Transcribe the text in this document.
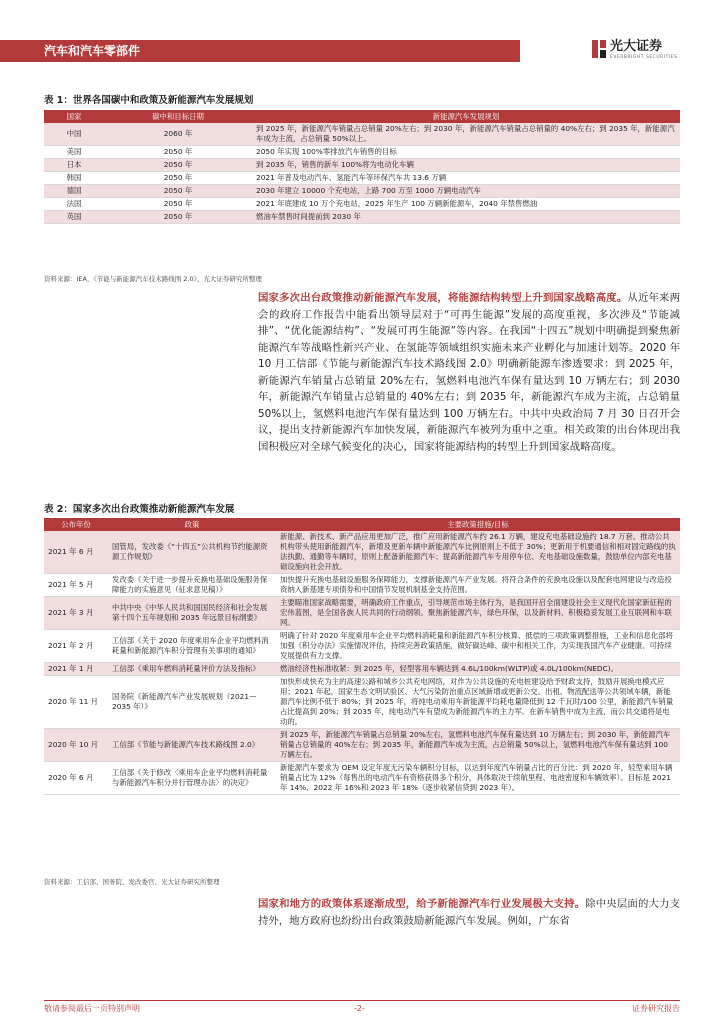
汽车和汽车零部件	光大证券
EVERBRIGHT SECURITIES
表 1：世界各国碳中和政策及新能源汽车发展规划
国家	碳中和目标日期	新能源汽车发展规划
中国	2060 年	到 2025 年，新能源汽车销量占总销量 20%左右；到 2030 年，新能源汽车销量占总销量的 40%左右；到 2035 年，新能源汽车成为主流，占总销量 50%以上。
美国	2050 年	2050 年实现 100%零排放汽车销售的目标
日本	2050 年	到 2035 年，销售的新车 100%将为电动化车辆
韩国	2050 年	2021 年普及电动汽车、氢能汽车等环保汽车共 13.6 万辆
德国	2050 年	2030 年建立 10000 个充电站，上路 700 万至 1000 万辆电动汽车
法国	2050 年	2021 年底建成 10 万个充电站，2025 年生产 100 万辆新能源车，2040 年禁售燃油
英国	2050 年	燃油车禁售时间提前到 2030 年
资料来源：IEA，《节能与新能源汽车技术路线图 2.0》，光大证券研究所整理
国家多次出台政策推动新能源汽车发展，将能源结构转型上升到国家战略高度。从近年来两会的政府工作报告中能看出领导层对于“可再生能源”发展的高度重视，多次涉及“节能减排”、“优化能源结构”、“发展可再生能源”等内容。在我国“十四五”规划中明确提到聚焦新能源汽车等战略性新兴产业、在氢能等领域组织实施未来产业孵化与加速计划等。2020 年 10 月工信部《节能与新能源汽车技术路线图 2.0》明确新能源车渗透要求：到 2025 年，新能源汽车销量占总销量 20%左右，氢燃料电池汽车保有量达到 10 万辆左右；到 2030 年，新能源汽车销量占总销量的 40%左右；到 2035 年，新能源汽车成为主流，占总销量 50%以上，氢燃料电池汽车保有量达到 100 万辆左右。中共中央政治局 7 月 30 日召开会议，提出支持新能源汽车加快发展，新能源汽车被列为重中之重。相关政策的出台体现出我国积极应对全球气候变化的决心，国家将能源结构的转型上升到国家战略高度。
表 2：国家多次出台政策推动新能源汽车发展
公布年份	政策	主要政策措施/目标
2021 年 6 月	国管局，发改委《“十四五”公共机构节约能源资源工作规划》	新能源、新技术、新产品应用更加广泛，推广应用新能源汽车约 26.1 万辆，建设充电基础设施约 18.7 万套。推动公共机构带头使用新能源汽车，新增及更新车辆中新能源汽车比例原则上不低于 30%；更新用于机要通信和相对固定路线的执法执勤、通勤等车辆时，原则上配备新能源汽车；提高新能源汽车专用停车位、充电基础设施数量，鼓励单位内部充电基础设施向社会开放。
2021 年 5 月	发改委《关于进一步提升充换电基础设施服务保障能力的实施意见（征求意见稿）》	加快提升充换电基础设施服务保障能力，支撑新能源汽车产业发展。将符合条件的充换电设施以及配套电网建设与改造投资纳入新基建专项债券和中国情节发展机制基金支持范围。
2021 年 3 月	中共中央《中华人民共和国国民经济和社会发展第十四个五年规划和 2035 年远景目标纲要》	主要瞄准国家战略需要，明确政府工作重点，引导规范市场主体行为，是我国开启全面建设社会主义现代化国家新征程的宏伟蓝图，是全国各族人民共同的行动纲领。聚焦新能源汽车，绿色环保，以及新材料、积极稳妥发展工业互联网和车联网。
2021 年 2 月	工信部《关于 2020 年度乘用车企业平均燃料消耗量和新能源汽车积分管理有关事项的通知》	明确了针对 2020 年度乘用车企业平均燃料消耗量和新能源汽车积分核算、抵偿的三项政策调整措施，工业和信息化部将加强《积分办法》实施情况评估，持续完善政策措施，做好碳达峰、碳中和相关工作，为实现我国汽车产业健康、可持续发展提供有力支撑。
2021 年 1 月	工信部《乘用车燃料消耗量评价方法及指标》	燃油经济性标准收紧：到 2025 年，轻型客用车辆达到 4.6L/100km(WLTP)或 4.0L/100km(NEDC)。
2020 年 11 月	国务院《新能源汽车产业发展规划（2021—2035 年）》	加快形成快充为主的高速公路和城乡公共充电网络，对作为公共设施的充电桩建设给予财政支持，鼓励开展换电模式应用；2021 年起，国家生态文明试验区、大气污染防治重点区域新增或更新公交、出租、物流配送等公共领域车辆，新能源汽车比例不低于 80%；到 2025 年，将纯电动乘用车新能源平均耗电量降低到 12 千瓦时/100 公里，新能源汽车销量占比提高到 20%；到 2035 年，纯电动汽车有望成为新能源汽车的主力军。在新车销售中成为主流，而公共交通将是电动的。
2020 年 10 月	工信部《节能与新能源汽车技术路线图 2.0》	到 2025 年，新能源汽车销量占总销量 20%左右，氢燃料电池汽车保有量达到 10 万辆左右；到 2030 年，新能源汽车销量占总销量的 40%左右；到 2035 年，新能源汽车成为主流，占总销量 50%以上，氢燃料电池汽车保有量达到 100 万辆左右。
2020 年 6 月	工信部《关于修改〈乘用车企业平均燃料消耗量与新能源汽车积分并行管理办法〉的决定》	新能源汽车要求为 OEM 设定年度无污染车辆积分目标，以达到年度汽车销量占比的百分比：到 2020 年，轻型乘用车辆销量占比为 12%（每售出的电动汽车有资格获得多个积分，具体取决于续航里程、电池密度和车辆效率）。目标是 2021 年 14%、2022 年 16%和 2023 年 18%（逐步收紧信贷到 2023 年）。
资料来源：工信部、国务院、发改委官、光大证券研究所整理
国家和地方的政策体系逐渐成型，给予新能源汽车行业发展极大支持。除中央层面的大力支持外，地方政府也纷纷出台政策鼓励新能源汽车发展。例如，广东省
敬请参阅最后一页特别声明	-2-	证券研究报告
